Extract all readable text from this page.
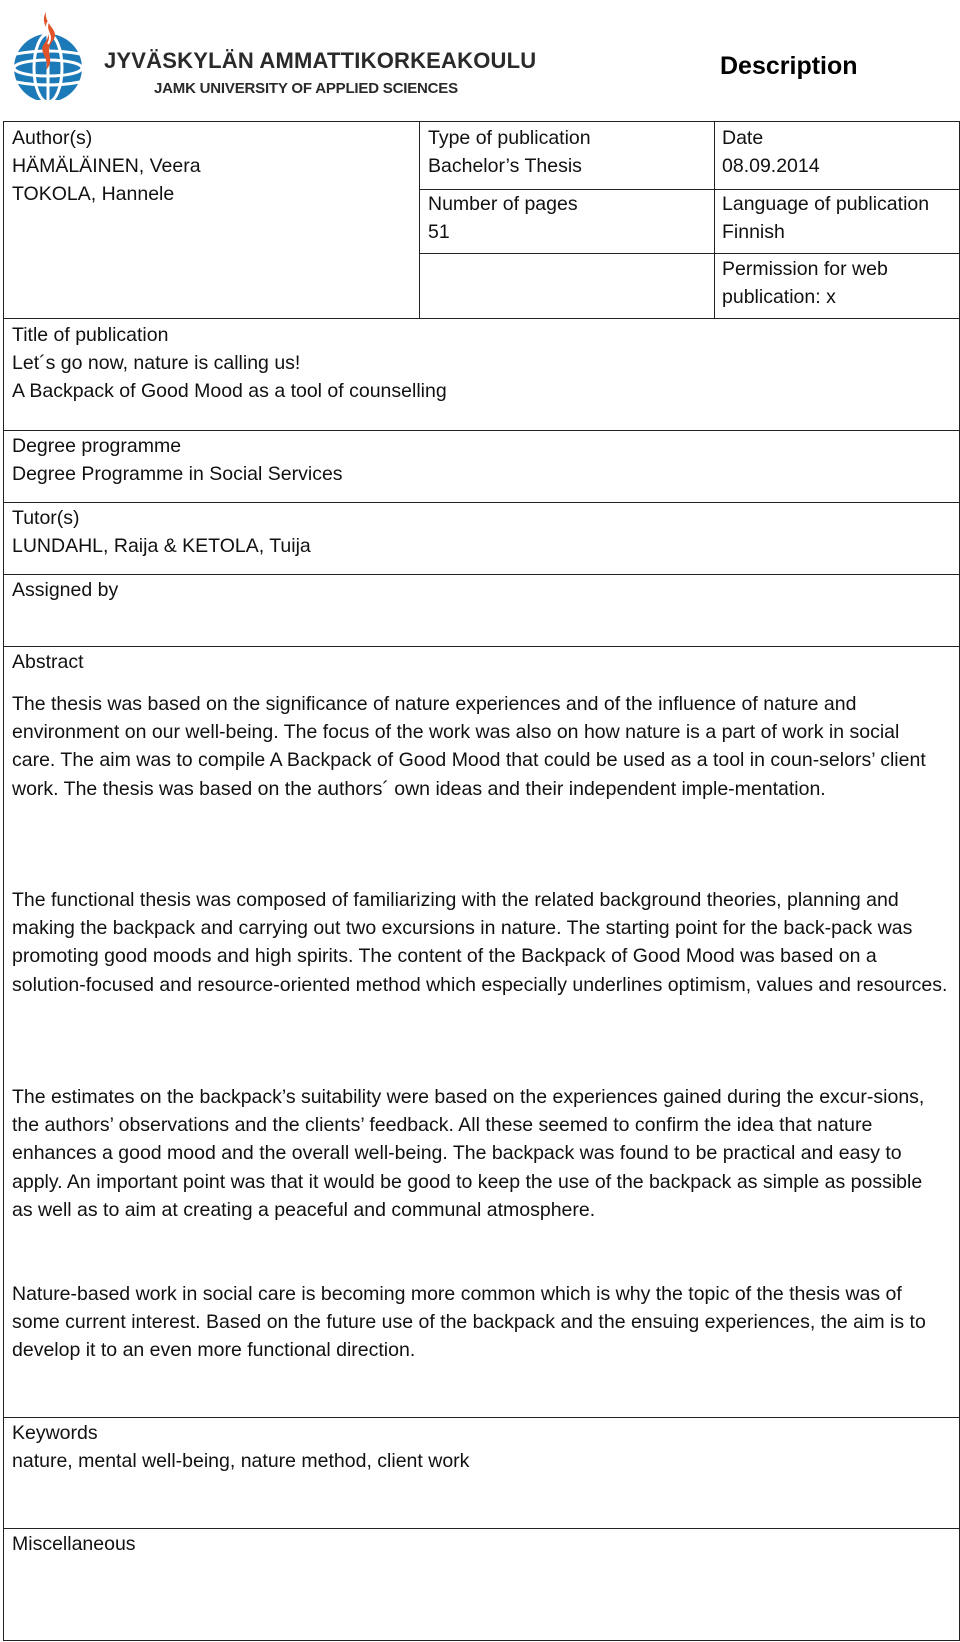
JYVÄSKYLÄN AMMATTIKORKEAKOULU
JAMK UNIVERSITY OF APPLIED SCIENCES
Description
Author(s)
HÄMÄLÄINEN, Veera
TOKOLA, Hannele
Type of publication
Bachelor’s Thesis
Date
08.09.2014
Number of pages
51
Language of publication
Finnish
Permission for web
publication: x
Title of publication
Let´s go now, nature is calling us!
A Backpack of Good Mood as a tool of counselling
Degree programme
Degree Programme in Social Services
Tutor(s)
LUNDAHL, Raija & KETOLA, Tuija
Assigned by
Abstract

The thesis was based on the significance of nature experiences and of the influence of nature and environment on our well-being. The focus of the work was also on how nature is a part of work in social care. The aim was to compile A Backpack of Good Mood that could be used as a tool in coun-selors’ client work. The thesis was based on the authors´ own ideas and their independent imple-mentation.

The functional thesis was composed of familiarizing with the related background theories, planning and making the backpack and carrying out two excursions in nature. The starting point for the back-pack was promoting good moods and high spirits. The content of the Backpack of Good Mood was based on a solution-focused and resource-oriented method which especially underlines optimism, values and resources.

The estimates on the backpack’s suitability were based on the experiences gained during the excur-sions, the authors’ observations and the clients’ feedback. All these seemed to confirm the idea that nature enhances a good mood and the overall well-being. The backpack was found to be practical and easy to apply. An important point was that it would be good to keep the use of the backpack as simple as possible as well as to aim at creating a peaceful and communal atmosphere.

Nature-based work in social care is becoming more common which is why the topic of the thesis was of some current interest. Based on the future use of the backpack and the ensuing experiences, the aim is to develop it to an even more functional direction.

Keywords
nature, mental well-being, nature method, client work
Miscellaneous
